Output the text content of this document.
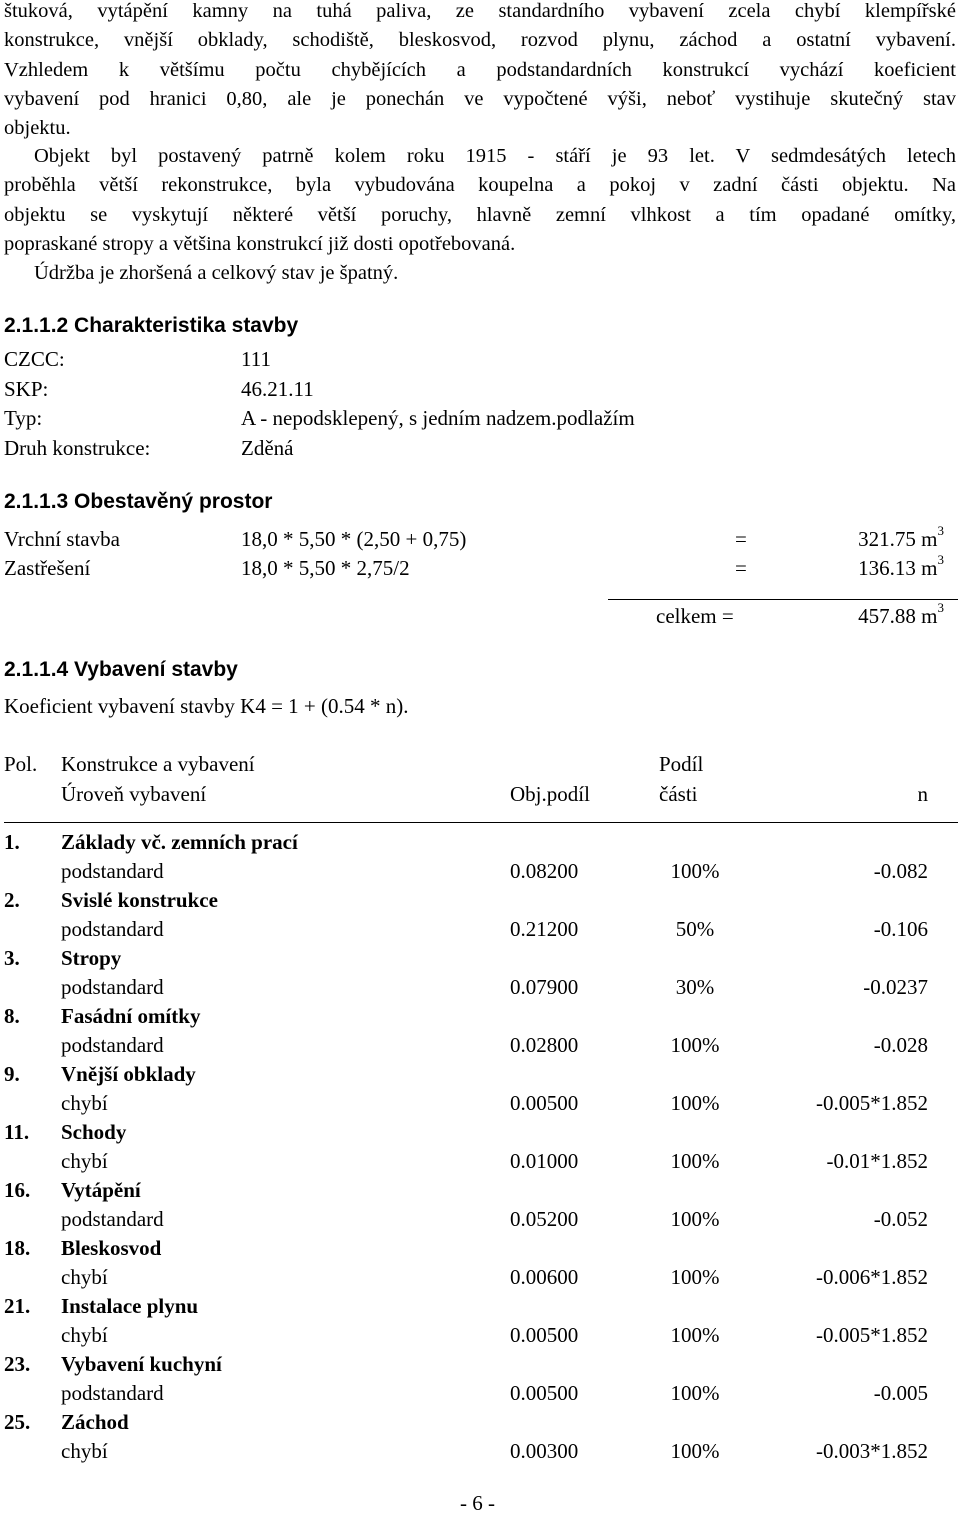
štuková, vytápění kamny na tuhá paliva, ze standardního vybavení zcela chybí klempířské
konstrukce, vnější obklady, schodiště, bleskosvod, rozvod plynu, záchod a ostatní vybavení.
Vzhledem k většímu počtu chybějících a podstandardních konstrukcí vychází koeficient
vybavení pod hranici 0,80, ale je ponechán ve vypočtené výši, neboť vystihuje skutečný stav
objektu.
Objekt byl postavený patrně kolem roku 1915 - stáří je 93 let. V sedmdesátých letech
proběhla větší rekonstrukce, byla vybudována koupelna a pokoj v zadní části objektu. Na
objektu se vyskytují některé větší poruchy, hlavně zemní vlhkost a tím opadané omítky,
popraskané stropy a většina konstrukcí již dosti opotřebovaná.
Údržba je zhoršená a celkový stav je špatný.
2.1.1.2 Charakteristika stavby
CZCC:	111
SKP:	46.21.11
Typ:	A - nepodsklepený, s jedním nadzem.podlažím
Druh konstrukce:	Zděná
2.1.1.3 Obestavěný prostor
Vrchní stavba	18,0 * 5,50 * (2,50 + 0,75)	=	321.75 $m^3$
Zastřešení	18,0 * 5,50 * 2,75/2	=	136.13 $m^3$
celkem =	457.88 $m^3$
2.1.1.4 Vybavení stavby
Koeficient vybavení stavby K4 = 1 + (0.54 * n).
Pol. Konstrukce a vybavení	Podíl
Úroveň vybavení	Obj.podíl	části	n
1. Základy vč. zemních prací
podstandard	0.08200	100%	-0.082
2. Svislé konstrukce
podstandard	0.21200	50%	-0.106
3. Stropy
podstandard	0.07900	30%	-0.0237
8. Fasádní omítky
podstandard	0.02800	100%	-0.028
9. Vnější obklady
chybí	0.00500	100%	-0.005*1.852
11. Schody
chybí	0.01000	100%	-0.01*1.852
16. Vytápění
podstandard	0.05200	100%	-0.052
18. Bleskosvod
chybí	0.00600	100%	-0.006*1.852
21. Instalace plynu
chybí	0.00500	100%	-0.005*1.852
23. Vybavení kuchyní
podstandard	0.00500	100%	-0.005
25. Záchod
chybí	0.00300	100%	-0.003*1.852
- 6 -
